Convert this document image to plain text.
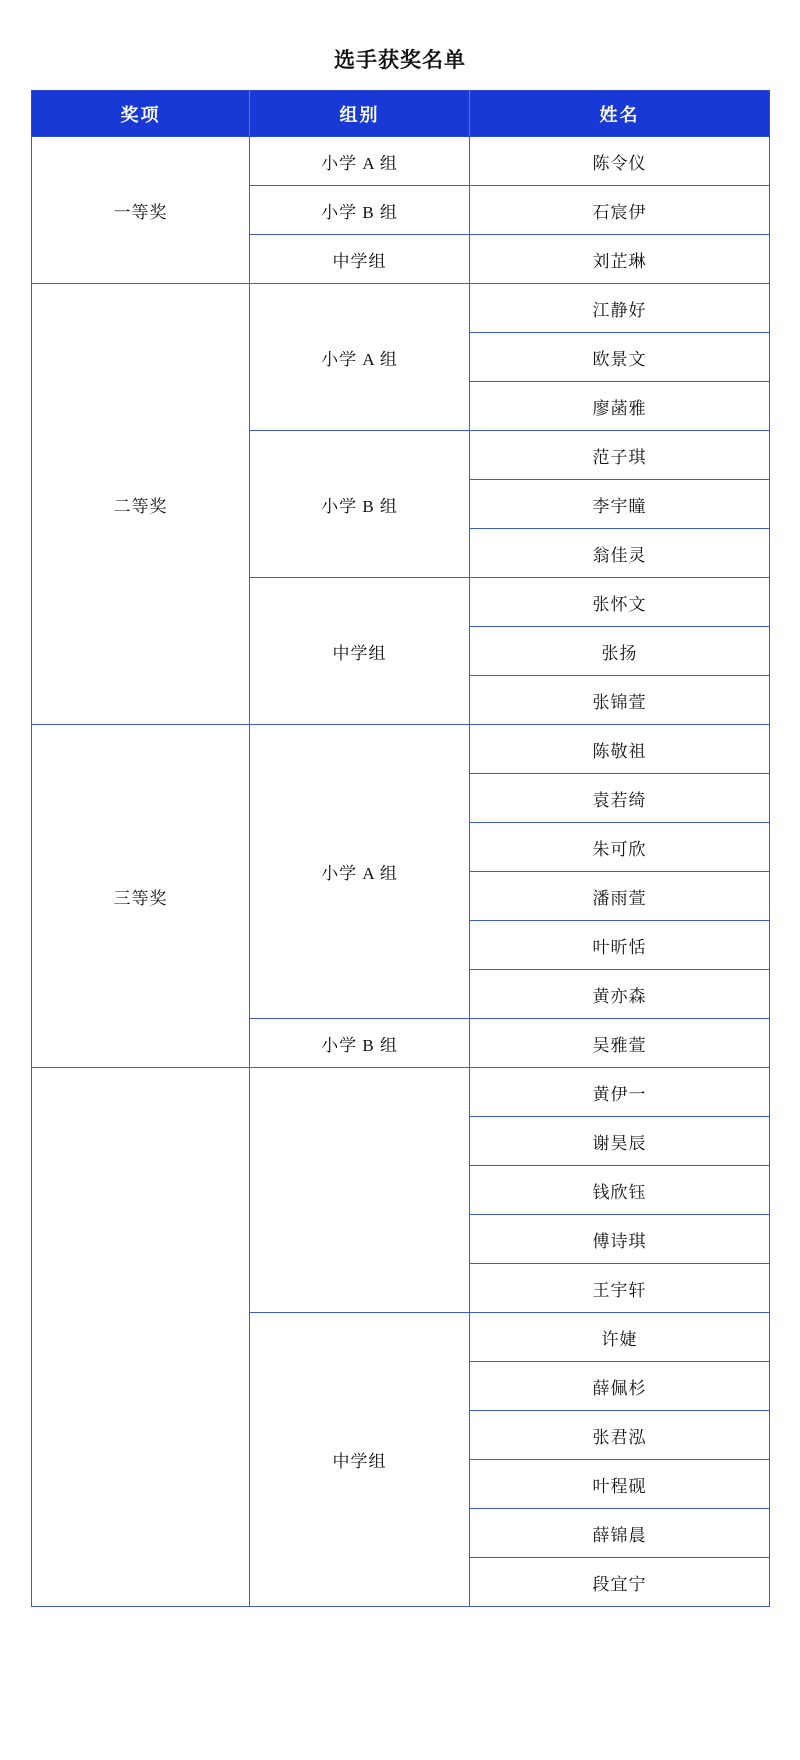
选手获奖名单
奖项	组别	姓名
一等奖	小学 A 组	陈令仪
	小学 B 组	石宸伊
	中学组	刘芷琳
二等奖	小学 A 组	江静好
		欧景文
		廖菡雅
	小学 B 组	范子琪
		李宇瞳
		翁佳灵
	中学组	张怀文
		张扬
		张锦萱
三等奖	小学 A 组	陈敬祖
		袁若绮
		朱可欣
		潘雨萱
		叶昕恬
		黄亦森
	小学 B 组	吴雅萱
		黄伊一
		谢昊辰
		钱欣钰
		傅诗琪
		王宇轩
	中学组	许婕
		薛佩杉
		张君泓
		叶程砚
		薛锦晨
		段宜宁
